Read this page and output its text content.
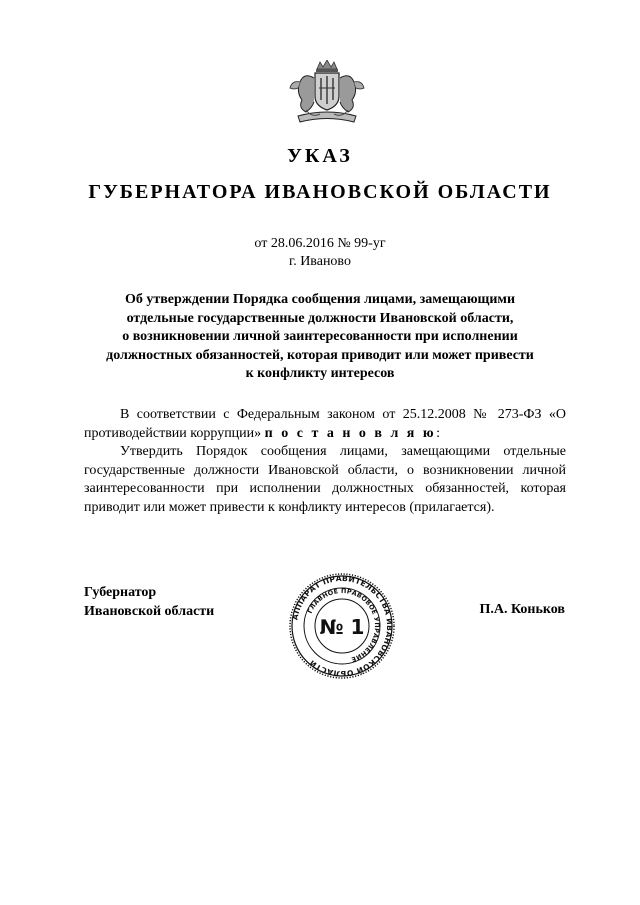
УКАЗ
ГУБЕРНАТОРА ИВАНОВСКОЙ ОБЛАСТИ
от 28.06.2016 № 99-уг
г. Иваново
Об утверждении Порядка сообщения лицами, замещающими
отдельные государственные должности Ивановской области,
о возникновении личной заинтересованности при исполнении
должностных обязанностей, которая приводит или может привести
к конфликту интересов

В соответствии с Федеральным законом от 25.12.2008 № 273-ФЗ «О противодействии коррупции» п о с т а н о в л я ю:

Утвердить Порядок сообщения лицами, замещающими отдельные государственные должности Ивановской области, о возникновении личной заинтересованности при исполнении должностных обязанностей, которая приводит или может привести к конфликту интересов (прилагается).

Губернатор
Ивановской области	П.А. Коньков
АППАРАТ ПРАВИТЕЛЬСТВА ИВАНОВСКОЙ ОБЛАСТИ
ГЛАВНОЕ ПРАВОВОЕ УПРАВЛЕНИЕ
№ 1
